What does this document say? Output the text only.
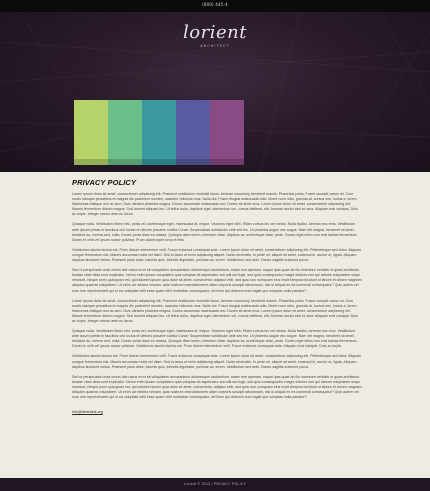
(800) 445-4
lorient
ARCHITECT
PRIVACY POLICY

Lorem ipsum dolor sit amet, consectetuer adipiscing elit. Praesent vestibulum molestie lacus. Aenean nonummy hendrerit mauris. Phasellus porta. Fusce suscipit varius mi. Cum sociis natoque penatibus et magnis dis parturient montes, nascetur ridiculus mus. Nulla dui. Fusce feugiat malesuada odio. Morbi nunc odio, gravida at, cursus nec, luctus a, lorem. Maecenas tristique orci ac sem. Duis ultricies pharetra magna. Donec accumsan malesuada orci. Donec sit amet eros. Lorem ipsum dolor sit amet, consectetuer adipiscing elit. Mauris fermentum dictum magna. Sed laoreet aliquam leo. Ut tellus dolor, dapibus eget, elementum vel, cursus eleifend, elit. Aenean auctor wisi et urna. Aliquam erat volutpat. Duis ac turpis. Integer rutrum ante eu lacus.

Quisque nulla. Vestibulum libero nisl, porta vel, scelerisque eget, malesuada at, neque. Vivamus eget nibh. Etiam cursus leo vel metus. Nulla facilisi. Aenean nec eros. Vestibulum ante ipsum primis in faucibus orci luctus et ultrices posuere cubilia Curae; Suspendisse sollicitudin velit sed leo. Ut pharetra augue nec augue. Nam elit magna, hendrerit sit amet, tincidunt ac, viverra sed, nulla. Donec porta diam eu massa. Quisque diam lorem, interdum vitae, dapibus ac, scelerisque vitae, pede. Donec eget tellus non erat lacinia fermentum. Donec in velit vel ipsum auctor pulvinar. Proin ullamcorper urna et felis.

Vestibulum iaculis lacinia est. Proin dictum elementum velit. Fusce euismod consequat ante. Lorem ipsum dolor sit amet, consectetuer adipiscing elit. Pellentesque sed dolor. Aliquam congue fermentum nisl. Mauris accumsan nulla vel diam. Sed in lacus ut enim adipiscing aliquet. Nulla venenatis. In pede mi, aliquet sit amet, euismod in, auctor ut, ligula. Aliquam dapibus tincidunt metus. Praesent justo dolor, lobortis quis, lobortis dignissim, pulvinar ac, lorem. Vestibulum sed ante. Donec sagittis euismod purus.

Sed ut perspiciatis unde omnis iste natus error sit voluptatem accusantium doloremque laudantium, totam rem aperiam, eaque ipsa quae ab illo inventore veritatis et quasi architecto beatae vitae dicta sunt explicabo. Nemo enim ipsam voluptatem quia voluptas sit aspernatur aut odit aut fugit, sed quia consequuntur magni dolores eos qui ratione voluptatem sequi nesciunt. Neque porro quisquam est, qui dolorem ipsum quia dolor sit amet, consectetur, adipisci velit, sed quia non numquam eius modi tempora incidunt ut labore et dolore magnam aliquam quaerat voluptatem. Ut enim ad minima veniam, quis nostrum exercitationem ullam corporis suscipit laboriosam, nisi ut aliquid ex ea commodi consequatur? Quis autem vel eum iure reprehenderit qui in ea voluptate velit esse quam nihil molestiae consequatur, vel illum qui dolorem eum fugiat quo voluptas nulla pariatur?

Lorem ipsum dolor sit amet, consectetuer adipiscing elit. Praesent vestibulum molestie lacus. Aenean nonummy hendrerit mauris. Phasellus porta. Fusce suscipit varius mi. Cum sociis natoque penatibus et magnis dis parturient montes, nascetur ridiculus mus. Nulla dui. Fusce feugiat malesuada odio. Morbi nunc odio, gravida at, cursus nec, luctus a, lorem. Maecenas tristique orci ac sem. Duis ultricies pharetra magna. Donec accumsan malesuada orci. Donec sit amet eros. Lorem ipsum dolor sit amet, consectetuer adipiscing elit. Mauris fermentum dictum magna. Sed laoreet aliquam leo. Ut tellus dolor, dapibus eget, elementum vel, cursus eleifend, elit. Aenean auctor wisi et urna. Aliquam erat volutpat. Duis ac turpis. Integer rutrum ante eu lacus.

Quisque nulla. Vestibulum libero nisl, porta vel, scelerisque eget, malesuada at, neque. Vivamus eget nibh. Etiam cursus leo vel metus. Nulla facilisi. Aenean nec eros. Vestibulum ante ipsum primis in faucibus orci luctus et ultrices posuere cubilia Curae; Suspendisse sollicitudin velit sed leo. Ut pharetra augue nec augue. Nam elit magna, hendrerit sit amet, tincidunt ac, viverra sed, nulla. Donec porta diam eu massa. Quisque diam lorem, interdum vitae, dapibus ac, scelerisque vitae, pede. Donec eget tellus non erat lacinia fermentum. Donec in velit vel ipsum auctor pulvinar. Vestibulum iaculis lacinia est. Proin dictum elementum velit. Fusce euismod consequat ante. Aliquam erat volutpat. Duis ac turpis.

Vestibulum iaculis lacinia est. Proin dictum elementum velit. Fusce euismod consequat ante. Lorem ipsum dolor sit amet, consectetuer adipiscing elit. Pellentesque sed dolor. Aliquam congue fermentum nisl. Mauris accumsan nulla vel diam. Sed in lacus ut enim adipiscing aliquet. Nulla venenatis. In pede mi, aliquet sit amet, euismod in, auctor ut, ligula. Aliquam dapibus tincidunt metus. Praesent justo dolor, lobortis quis, lobortis dignissim, pulvinar ac, lorem. Vestibulum sed ante. Donec sagittis euismod purus.

Sed ut perspiciatis unde omnis iste natus error sit voluptatem accusantium doloremque laudantium, totam rem aperiam, eaque ipsa quae ab illo inventore veritatis et quasi architecto beatae vitae dicta sunt explicabo. Nemo enim ipsam voluptatem quia voluptas sit aspernatur aut odit aut fugit, sed quia consequuntur magni dolores eos qui ratione voluptatem sequi nesciunt. Neque porro quisquam est, qui dolorem ipsum quia dolor sit amet, consectetur, adipisci velit, sed quia non numquam eius modi tempora incidunt ut labore et dolore magnam aliquam quaerat voluptatem. Ut enim ad minima veniam, quis nostrum exercitationem ullam corporis suscipit laboriosam, nisi ut aliquid ex ea commodi consequatur? Quis autem vel eum iure reprehenderit qui in ea voluptate velit esse quam nihil molestiae consequatur, vel illum qui dolorem eum fugiat quo voluptas nulla pariatur?

info@demolink.org
Lorient © 2013 | PRIVACY POLICY
